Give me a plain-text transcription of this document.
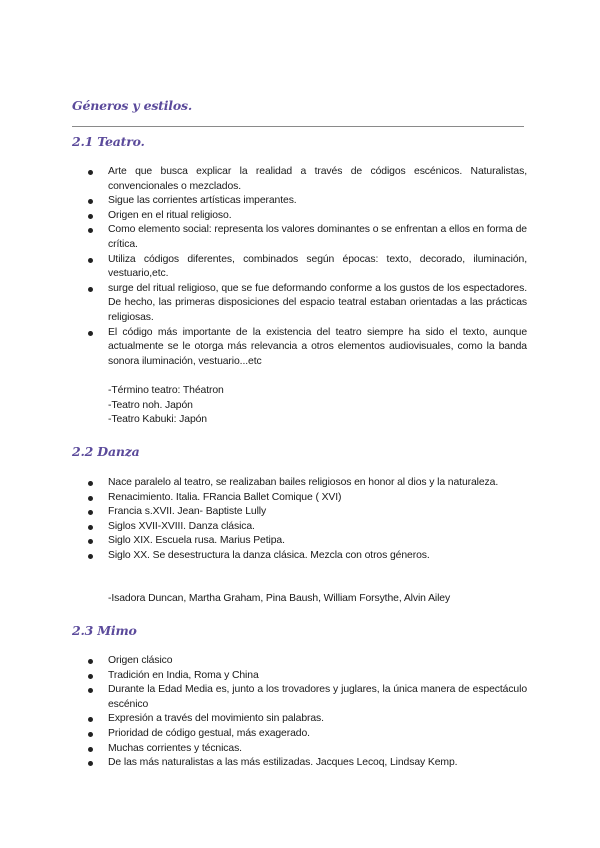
Géneros y estilos.
2.1 Teatro.
Arte que busca explicar la realidad a través de códigos escénicos. Naturalistas, convencionales o mezclados.
Sigue las corrientes artísticas imperantes.
Origen en el ritual religioso.
Como elemento social: representa los valores dominantes o se enfrentan a ellos en forma de crítica.
Utiliza códigos diferentes, combinados según épocas: texto, decorado, iluminación, vestuario,etc.
surge del ritual religioso, que se fue deformando conforme a los gustos de los espectadores. De hecho, las primeras disposiciones del espacio teatral estaban orientadas a las prácticas religiosas.
El código más importante de la existencia del teatro siempre ha sido el texto, aunque actualmente se le otorga más relevancia a otros elementos audiovisuales, como la banda sonora iluminación, vestuario...etc
-Término teatro: Théatron
-Teatro noh. Japón
-Teatro Kabuki: Japón
2.2 Danza
Nace paralelo al teatro, se realizaban bailes religiosos en honor al dios y la naturaleza.
Renacimiento. Italia. FRancia Ballet Comique ( XVI)
Francia s.XVII. Jean- Baptiste Lully
Siglos XVII-XVIII. Danza clásica.
Siglo XIX. Escuela rusa. Marius Petipa.
Siglo XX. Se desestructura la danza clásica. Mezcla con otros géneros.
-Isadora Duncan, Martha Graham, Pina Baush, William Forsythe, Alvin Ailey
2.3 Mimo
Origen clásico
Tradición en India, Roma y China
Durante la Edad Media es, junto a los trovadores y juglares, la única manera de espectáculo escénico
Expresión a través del movimiento sin palabras.
Prioridad de código gestual, más exagerado.
Muchas corrientes y técnicas.
De las más naturalistas a las más estilizadas. Jacques Lecoq, Lindsay Kemp.
